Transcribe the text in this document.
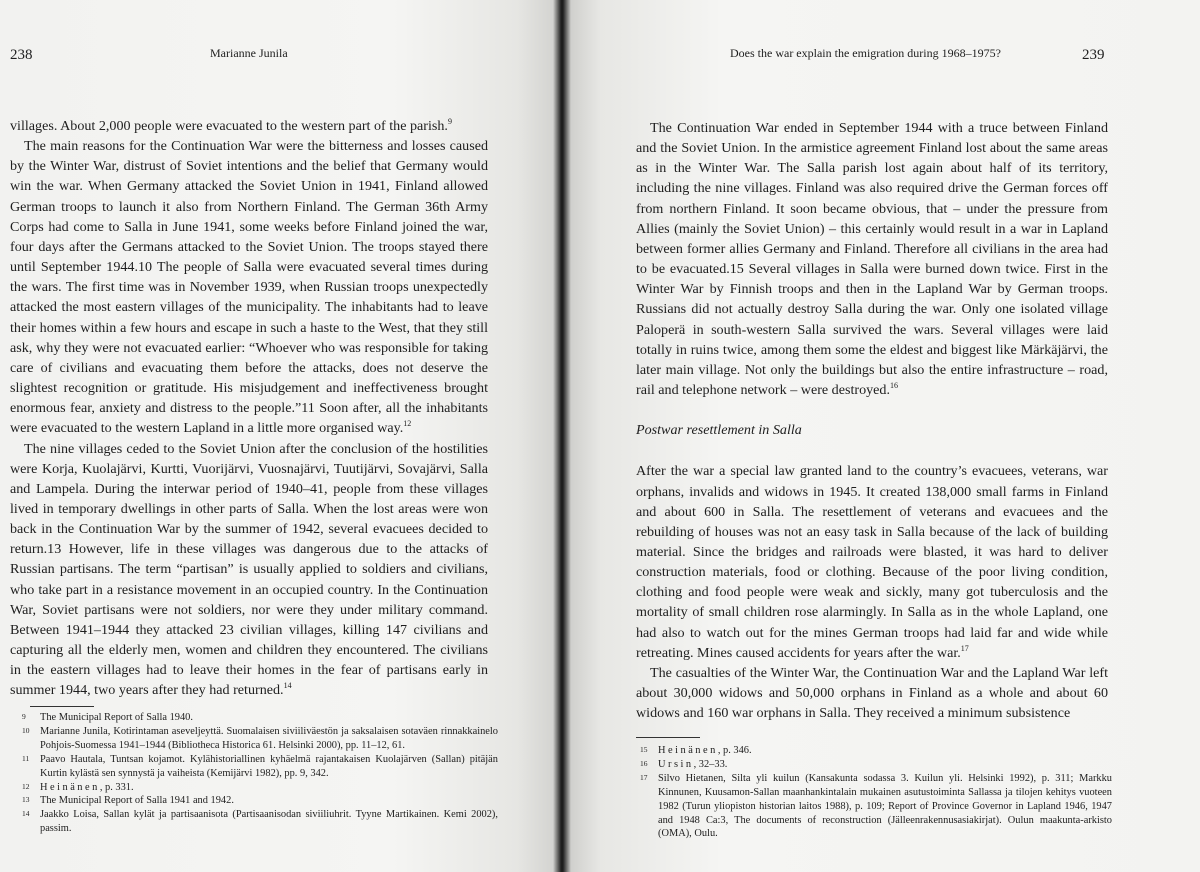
238	Marianne Junila

villages. About 2,000 people were evacuated to the western part of the parish.$^9$

The main reasons for the Continuation War were the bitterness and losses caused by the Winter War, distrust of Soviet intentions and the belief that Germany would win the war. When Germany attacked the Soviet Union in 1941, Finland allowed German troops to launch it also from Northern Finland. The German 36th Army Corps had come to Salla in June 1941, some weeks before Finland joined the war, four days after the Germans attacked to the Soviet Union. The troops stayed there until September 1944.10 The people of Salla were evacuated several times during the wars. The first time was in November 1939, when Russian troops unexpectedly attacked the most eastern villages of the municipality. The inhabitants had to leave their homes within a few hours and escape in such a haste to the West, that they still ask, why they were not evacuated earlier: “Whoever who was responsible for taking care of civilians and evacuating them before the attacks, does not deserve the slightest recognition or gratitude. His misjudgement and ineffectiveness brought enormous fear, anxiety and distress to the people.”11 Soon after, all the inhabitants were evacuated to the western Lapland in a little more organised way.$^{12}$

The nine villages ceded to the Soviet Union after the conclusion of the hostilities were Korja, Kuolajärvi, Kurtti, Vuorijärvi, Vuosnajärvi, Tuutijärvi, Sovajärvi, Salla and Lampela. During the interwar period of 1940–41, people from these villages lived in temporary dwellings in other parts of Salla. When the lost areas were won back in the Continuation War by the summer of 1942, several evacuees decided to return.13 However, life in these villages was dangerous due to the attacks of Russian partisans. The term “partisan” is usually applied to soldiers and civilians, who take part in a resistance movement in an occupied country. In the Continuation War, Soviet partisans were not soldiers, nor were they under military command. Between 1941–1944 they attacked 23 civilian villages, killing 147 civilians and capturing all the elderly men, women and children they encountered. The civilians in the eastern villages had to leave their homes in the fear of partisans early in summer 1944, two years after they had returned.$^{14}$

9	The Municipal Report of Salla 1940.
10	Marianne Junila, Kotirintaman aseveljeyttä. Suomalaisen siviiliväestön ja saksalaisen sotaväen rinnakkainelo Pohjois-Suomessa 1941–1944 (Bibliotheca Historica 61. Helsinki 2000), pp. 11–12, 61.
11	Paavo Hautala, Tuntsan kojamot. Kylähistoriallinen kyhäelmä rajantakaisen Kuolajärven (Sallan) pitäjän Kurtin kylästä sen synnystä ja vaiheista (Kemijärvi 1982), pp. 9, 342.
12	Heinänen, p. 331.
13	The Municipal Report of Salla 1941 and 1942.
14	Jaakko Loisa, Sallan kylät ja partisaanisota (Partisaanisodan siviiliuhrit. Tyyne Martikainen. Kemi 2002), passim.
Does the war explain the emigration during 1968–1975?	239

The Continuation War ended in September 1944 with a truce between Finland and the Soviet Union. In the armistice agreement Finland lost about the same areas as in the Winter War. The Salla parish lost again about half of its territory, including the nine villages. Finland was also required drive the German forces off from northern Finland. It soon became obvious, that – under the pressure from Allies (mainly the Soviet Union) – this certainly would result in a war in Lapland between former allies Germany and Finland. Therefore all civilians in the area had to be evacuated.15 Several villages in Salla were burned down twice. First in the Winter War by Finnish troops and then in the Lapland War by German troops. Russians did not actually destroy Salla during the war. Only one isolated village Paloperä in south-western Salla survived the wars. Several villages were laid totally in ruins twice, among them some the eldest and biggest like Märkäjärvi, the later main village. Not only the buildings but also the entire infrastructure – road, rail and telephone network – were destroyed.$^{16}$

Postwar resettlement in Salla

After the war a special law granted land to the country’s evacuees, veterans, war orphans, invalids and widows in 1945. It created 138,000 small farms in Finland and about 600 in Salla. The resettlement of veterans and evacuees and the rebuilding of houses was not an easy task in Salla because of the lack of building material. Since the bridges and railroads were blasted, it was hard to deliver construction materials, food or clothing. Because of the poor living condition, clothing and food people were weak and sickly, many got tuberculosis and the mortality of small children rose alarmingly. In Salla as in the whole Lapland, one had also to watch out for the mines German troops had laid far and wide while retreating. Mines caused accidents for years after the war.$^{17}$

The casualties of the Winter War, the Continuation War and the Lapland War left about 30,000 widows and 50,000 orphans in Finland as a whole and about 60 widows and 160 war orphans in Salla. They received a minimum subsistence

15	Heinänen, p. 346.
16	Ursin, 32–33.
17	Silvo Hietanen, Silta yli kuilun (Kansakunta sodassa 3. Kuilun yli. Helsinki 1992), p. 311; Markku Kinnunen, Kuusamon-Sallan maanhankintalain mukainen asutustoiminta Sallassa ja tilojen kehitys vuoteen 1982 (Turun yliopiston historian laitos 1988), p. 109; Report of Province Governor in Lapland 1946, 1947 and 1948 Ca:3, The documents of reconstruction (Jälleenrakennusasiakirjat). Oulun maakunta-arkisto (OMA), Oulu.
